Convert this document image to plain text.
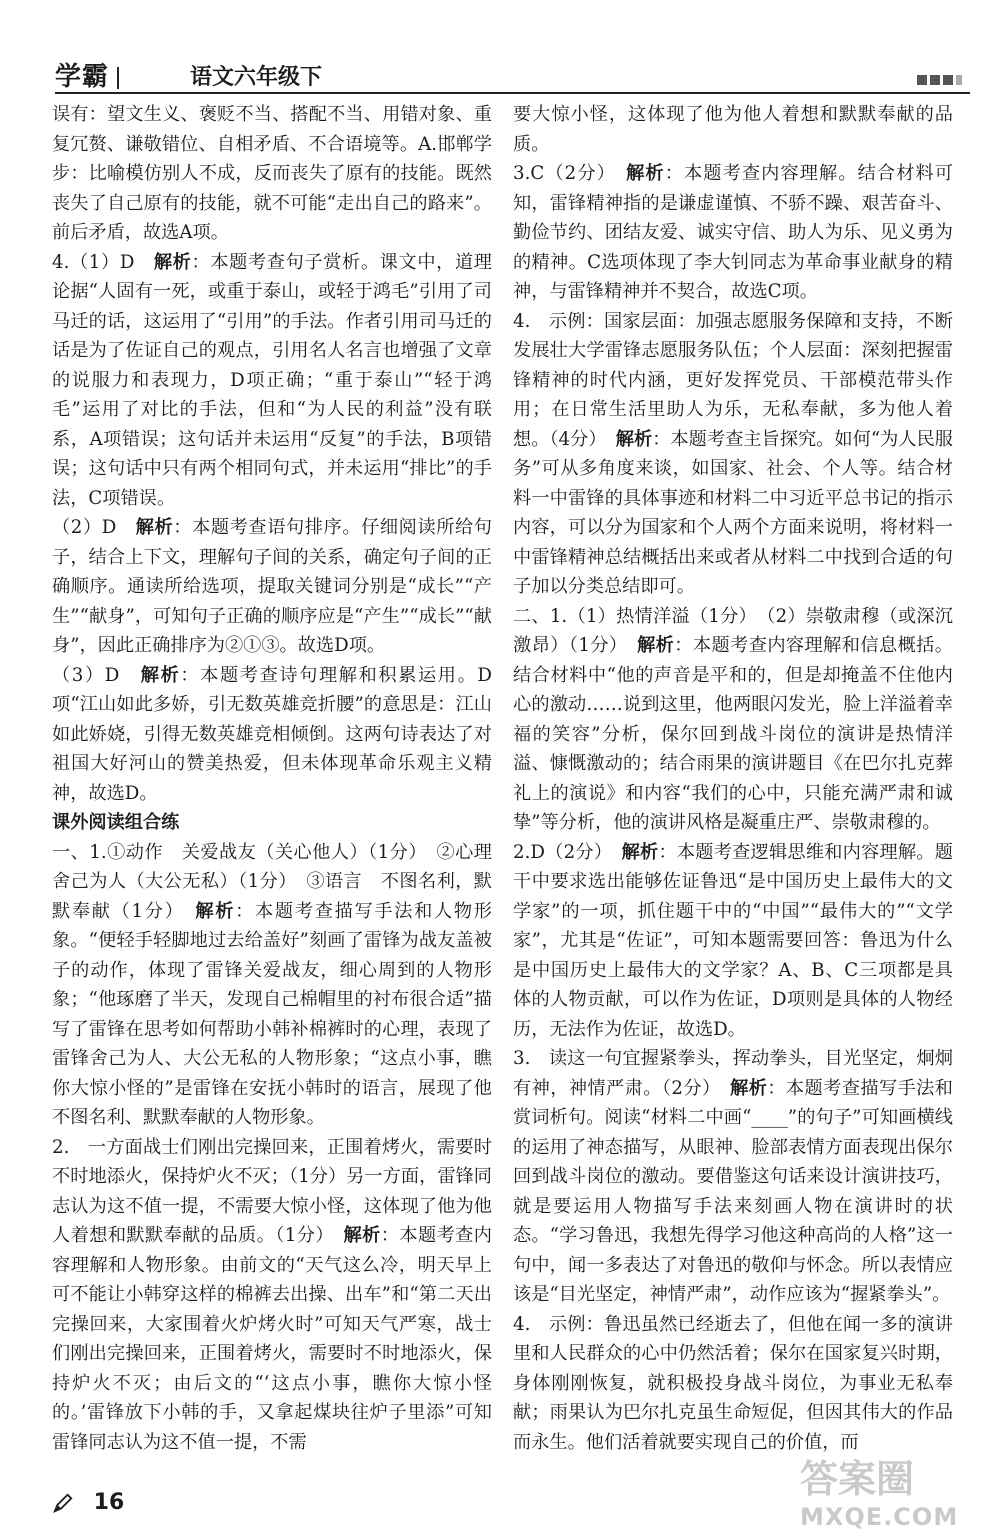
学霸	语文六年级下

误有：望文生义、褒贬不当、搭配不当、用错对象、重复冗赘、谦敬错位、自相矛盾、不合语境等。A.邯郸学步：比喻模仿别人不成，反而丧失了原有的技能。既然丧失了自己原有的技能，就不可能“走出自己的路来”。前后矛盾，故选A项。

4.（1）D　解析：本题考查句子赏析。课文中，道理论据“人固有一死，或重于泰山，或轻于鸿毛”引用了司马迁的话，这运用了“引用”的手法。作者引用司马迁的话是为了佐证自己的观点，引用名人名言也增强了文章的说服力和表现力，D项正确；“重于泰山”“轻于鸿毛”运用了对比的手法，但和“为人民的利益”没有联系，A项错误；这句话并未运用“反复”的手法，B项错误；这句话中只有两个相同句式，并未运用“排比”的手法，C项错误。

（2）D　解析：本题考查语句排序。仔细阅读所给句子，结合上下文，理解句子间的关系，确定句子间的正确顺序。通读所给选项，提取关键词分别是“成长”“产生”“献身”，可知句子正确的顺序应是“产生”“成长”“献身”，因此正确排序为②①③。故选D项。

（3）D　解析：本题考查诗句理解和积累运用。D项“江山如此多娇，引无数英雄竞折腰”的意思是：江山如此娇娆，引得无数英雄竞相倾倒。这两句诗表达了对祖国大好河山的赞美热爱，但未体现革命乐观主义精神，故选D。

课外阅读组合练

一、1.①动作　关爱战友（关心他人）（1分）　②心理　舍己为人（大公无私）（1分）　③语言　不图名利，默默奉献（1分）　解析：本题考查描写手法和人物形象。“便轻手轻脚地过去给盖好”刻画了雷锋为战友盖被子的动作，体现了雷锋关爱战友，细心周到的人物形象；“他琢磨了半天，发现自己棉帽里的衬布很合适”描写了雷锋在思考如何帮助小韩补棉裤时的心理，表现了雷锋舍己为人、大公无私的人物形象；“这点小事，瞧你大惊小怪的”是雷锋在安抚小韩时的语言，展现了他不图名利、默默奉献的人物形象。

2.　一方面战士们刚出完操回来，正围着烤火，需要时不时地添火，保持炉火不灭；（1分）另一方面，雷锋同志认为这不值一提，不需要大惊小怪，这体现了他为他人着想和默默奉献的品质。（1分）　解析：本题考查内容理解和人物形象。由前文的“天气这么冷，明天早上可不能让小韩穿这样的棉裤去出操、出车”和“第二天出完操回来，大家围着火炉烤火时”可知天气严寒，战士们刚出完操回来，正围着烤火，需要时不时地添火，保持炉火不灭；由后文的“‘这点小事，瞧你大惊小怪的。’雷锋放下小韩的手，又拿起煤块往炉子里添”可知雷锋同志认为这不值一提，不需

要大惊小怪，这体现了他为他人着想和默默奉献的品质。

3.C（2分）　解析：本题考查内容理解。结合材料可知，雷锋精神指的是谦虚谨慎、不骄不躁、艰苦奋斗、勤俭节约、团结友爱、诚实守信、助人为乐、见义勇为的精神。C选项体现了李大钊同志为革命事业献身的精神，与雷锋精神并不契合，故选C项。

4.　示例：国家层面：加强志愿服务保障和支持，不断发展壮大学雷锋志愿服务队伍；个人层面：深刻把握雷锋精神的时代内涵，更好发挥党员、干部模范带头作用；在日常生活里助人为乐，无私奉献，多为他人着想。（4分）　解析：本题考查主旨探究。如何“为人民服务”可从多角度来谈，如国家、社会、个人等。结合材料一中雷锋的具体事迹和材料二中习近平总书记的指示内容，可以分为国家和个人两个方面来说明，将材料一中雷锋精神总结概括出来或者从材料二中找到合适的句子加以分类总结即可。

二、1.（1）热情洋溢（1分）　（2）崇敬肃穆（或深沉激昂）（1分）　解析：本题考查内容理解和信息概括。结合材料中“他的声音是平和的，但是却掩盖不住他内心的激动……说到这里，他两眼闪发光，脸上洋溢着幸福的笑容”分析，保尔回到战斗岗位的演讲是热情洋溢、慷慨激动的；结合雨果的演讲题目《在巴尔扎克葬礼上的演说》和内容“我们的心中，只能充满严肃和诚挚”等分析，他的演讲风格是凝重庄严、崇敬肃穆的。

2.D（2分）　解析：本题考查逻辑思维和内容理解。题干中要求选出能够佐证鲁迅“是中国历史上最伟大的文学家”的一项，抓住题干中的“中国”“最伟大的”“文学家”，尤其是“佐证”，可知本题需要回答：鲁迅为什么是中国历史上最伟大的文学家？A、B、C三项都是具体的人物贡献，可以作为佐证，D项则是具体的人物经历，无法作为佐证，故选D。

3.　读这一句宜握紧拳头，挥动拳头，目光坚定，炯炯有神，神情严肃。（2分）　解析：本题考查描写手法和赏词析句。阅读“材料二中画“____”的句子”可知画横线的运用了神态描写，从眼神、脸部表情方面表现出保尔回到战斗岗位的激动。要借鉴这句话来设计演讲技巧，就是要运用人物描写手法来刻画人物在演讲时的状态。“学习鲁迅，我想先得学习他这种高尚的人格”这一句中，闻一多表达了对鲁迅的敬仰与怀念。所以表情应该是“目光坚定，神情严肃”，动作应该为“握紧拳头”。

4.　示例：鲁迅虽然已经逝去了，但他在闻一多的演讲里和人民群众的心中仍然活着；保尔在国家复兴时期，身体刚刚恢复，就积极投身战斗岗位，为事业无私奉献；雨果认为巴尔扎克虽生命短促，但因其伟大的作品而永生。他们活着就要实现自己的价值，而

16
答案圈
MXQE.COM
